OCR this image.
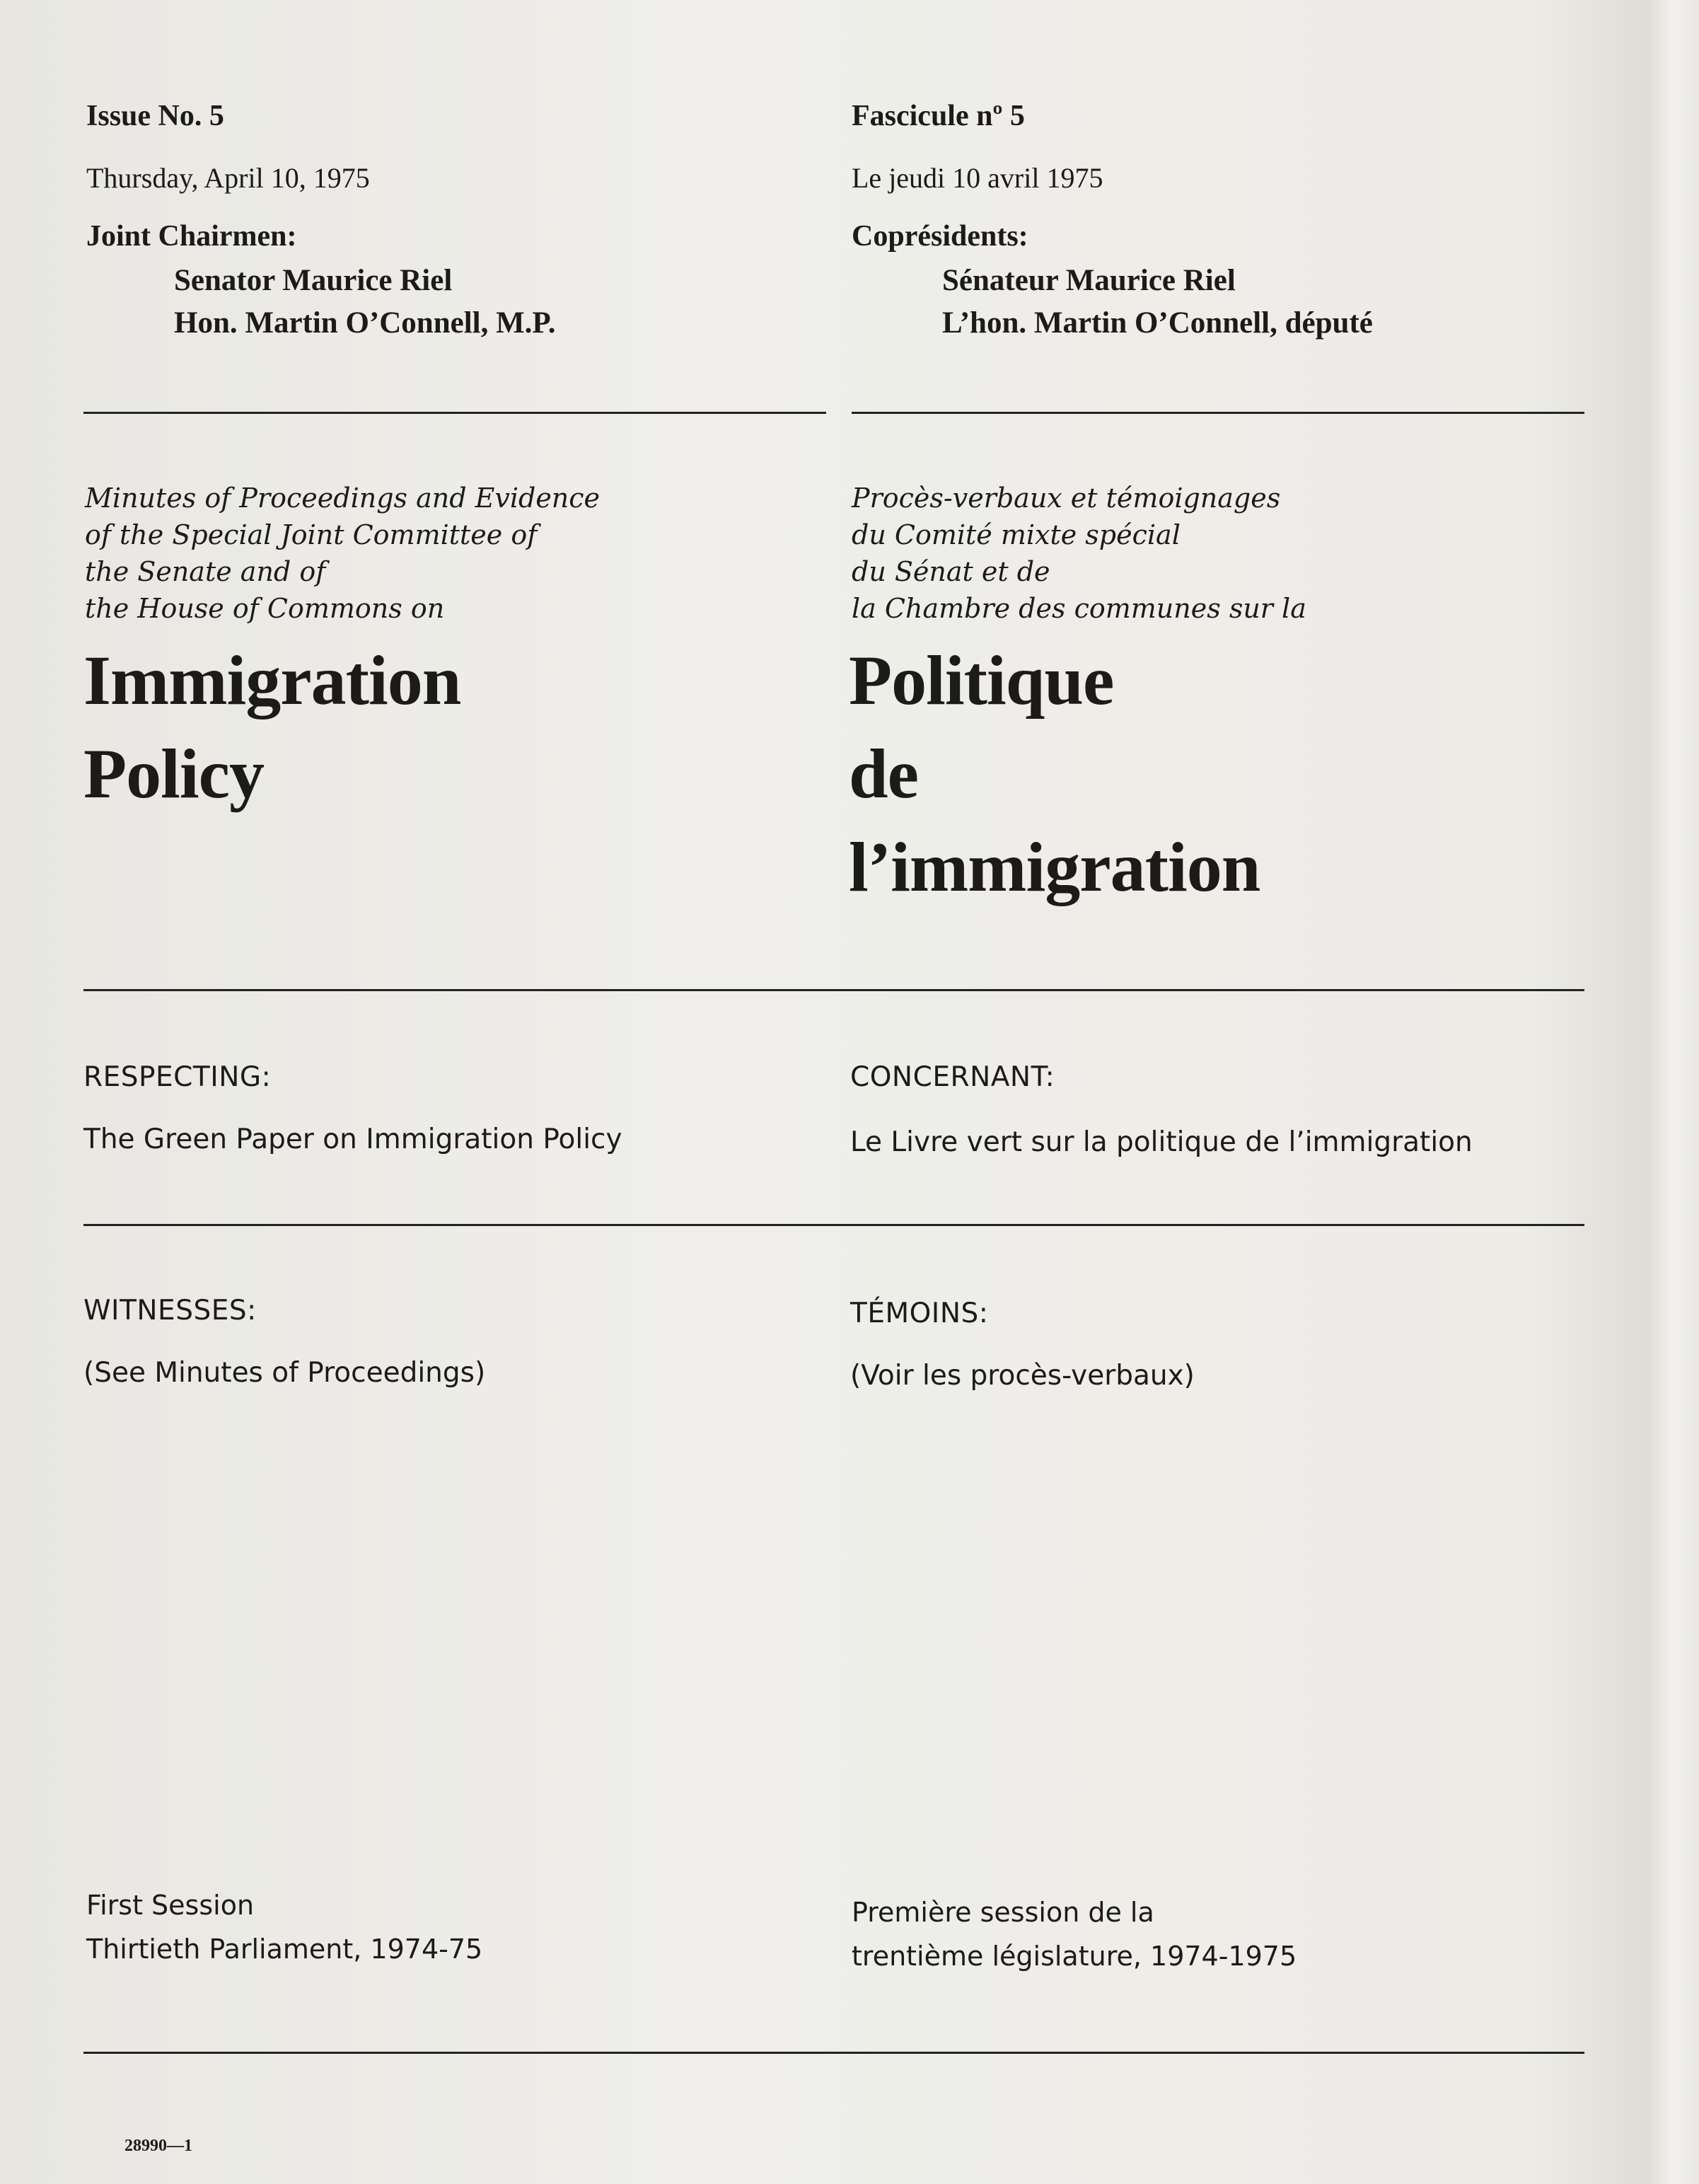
Issue No. 5
Thursday, April 10, 1975
Joint Chairmen:
Senator Maurice Riel
Hon. Martin O’Connell, M.P.
Minutes of Proceedings and Evidence
of the Special Joint Committee of
the Senate and of
the House of Commons on
Immigration
Policy
RESPECTING:
The Green Paper on Immigration Policy
WITNESSES:
(See Minutes of Proceedings)
First Session
Thirtieth Parliament, 1974-75
28990—1
Fascicule nº 5
Le jeudi 10 avril 1975
Coprésidents:
Sénateur Maurice Riel
L’hon. Martin O’Connell, député
Procès-verbaux et témoignages
du Comité mixte spécial
du Sénat et de
la Chambre des communes sur la
Politique
de
l’immigration
CONCERNANT:
Le Livre vert sur la politique de l’immigration
TÉMOINS:
(Voir les procès-verbaux)
Première session de la
trentième législature, 1974-1975
